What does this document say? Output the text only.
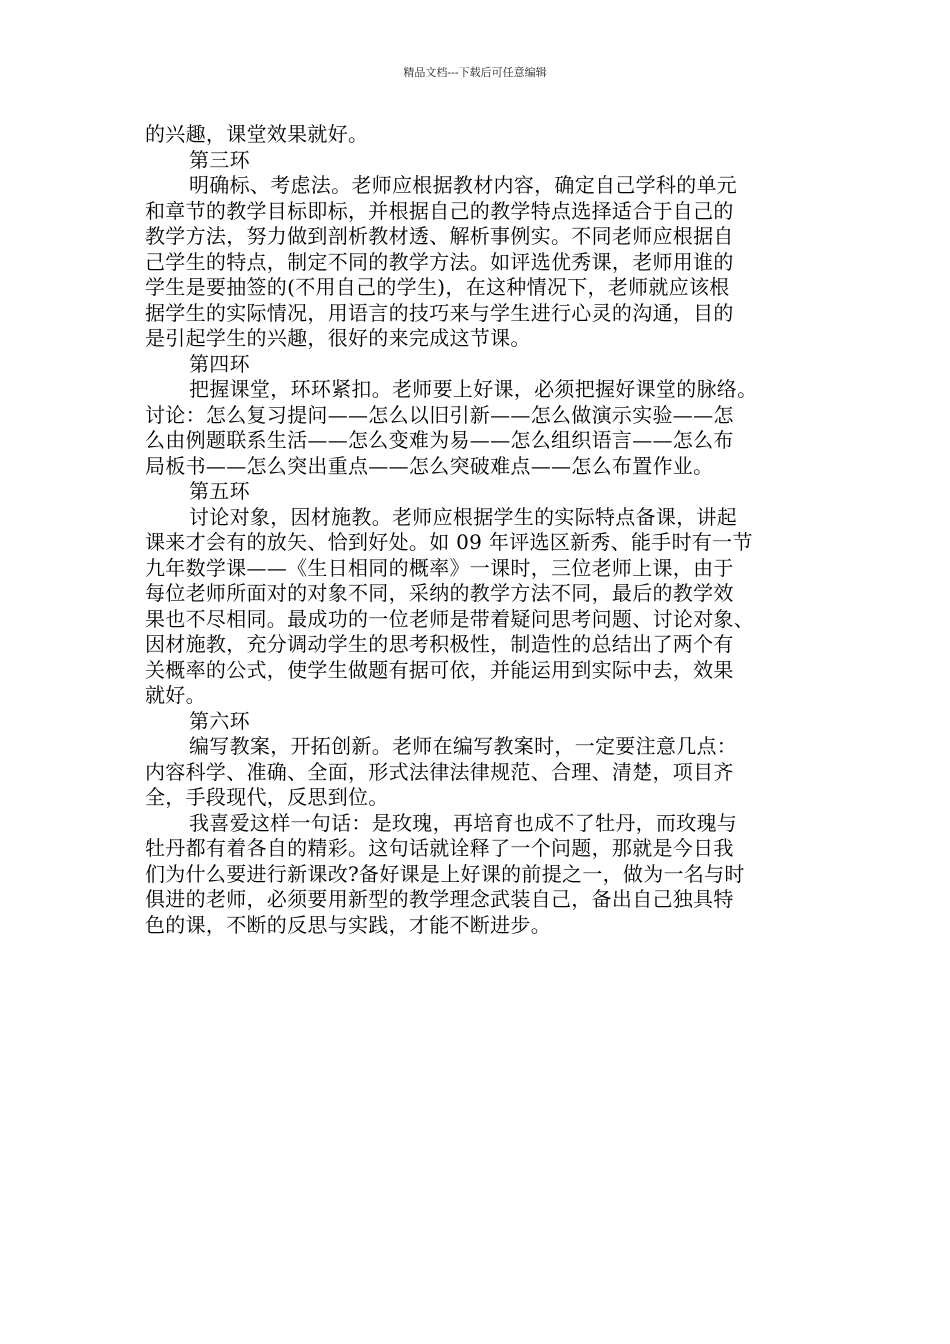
精品文档---下载后可任意编辑
的兴趣，课堂效果就好。
第三环
明确标、考虑法。老师应根据教材内容，确定自己学科的单元
和章节的教学目标即标，并根据自己的教学特点选择适合于自己的
教学方法，努力做到剖析教材透、解析事例实。不同老师应根据自
己学生的特点，制定不同的教学方法。如评选优秀课，老师用谁的
学生是要抽签的(不用自己的学生)，在这种情况下，老师就应该根
据学生的实际情况，用语言的技巧来与学生进行心灵的沟通，目的
是引起学生的兴趣，很好的来完成这节课。
第四环
把握课堂，环环紧扣。老师要上好课，必须把握好课堂的脉络。
讨论：怎么复习提问——怎么以旧引新——怎么做演示实验——怎
么由例题联系生活——怎么变难为易——怎么组织语言——怎么布
局板书——怎么突出重点——怎么突破难点——怎么布置作业。
第五环
讨论对象，因材施教。老师应根据学生的实际特点备课，讲起
课来才会有的放矢、恰到好处。如 09 年评选区新秀、能手时有一节
九年数学课——《生日相同的概率》一课时，三位老师上课，由于
每位老师所面对的对象不同，采纳的教学方法不同，最后的教学效
果也不尽相同。最成功的一位老师是带着疑问思考问题、讨论对象、
因材施教，充分调动学生的思考积极性，制造性的总结出了两个有
关概率的公式，使学生做题有据可依，并能运用到实际中去，效果
就好。
第六环
编写教案，开拓创新。老师在编写教案时，一定要注意几点：
内容科学、准确、全面，形式法律法律规范、合理、清楚，项目齐
全，手段现代，反思到位。
我喜爱这样一句话：是玫瑰，再培育也成不了牡丹，而玫瑰与
牡丹都有着各自的精彩。这句话就诠释了一个问题，那就是今日我
们为什么要进行新课改?备好课是上好课的前提之一，做为一名与时
俱进的老师，必须要用新型的教学理念武装自己，备出自己独具特
色的课，不断的反思与实践，才能不断进步。
